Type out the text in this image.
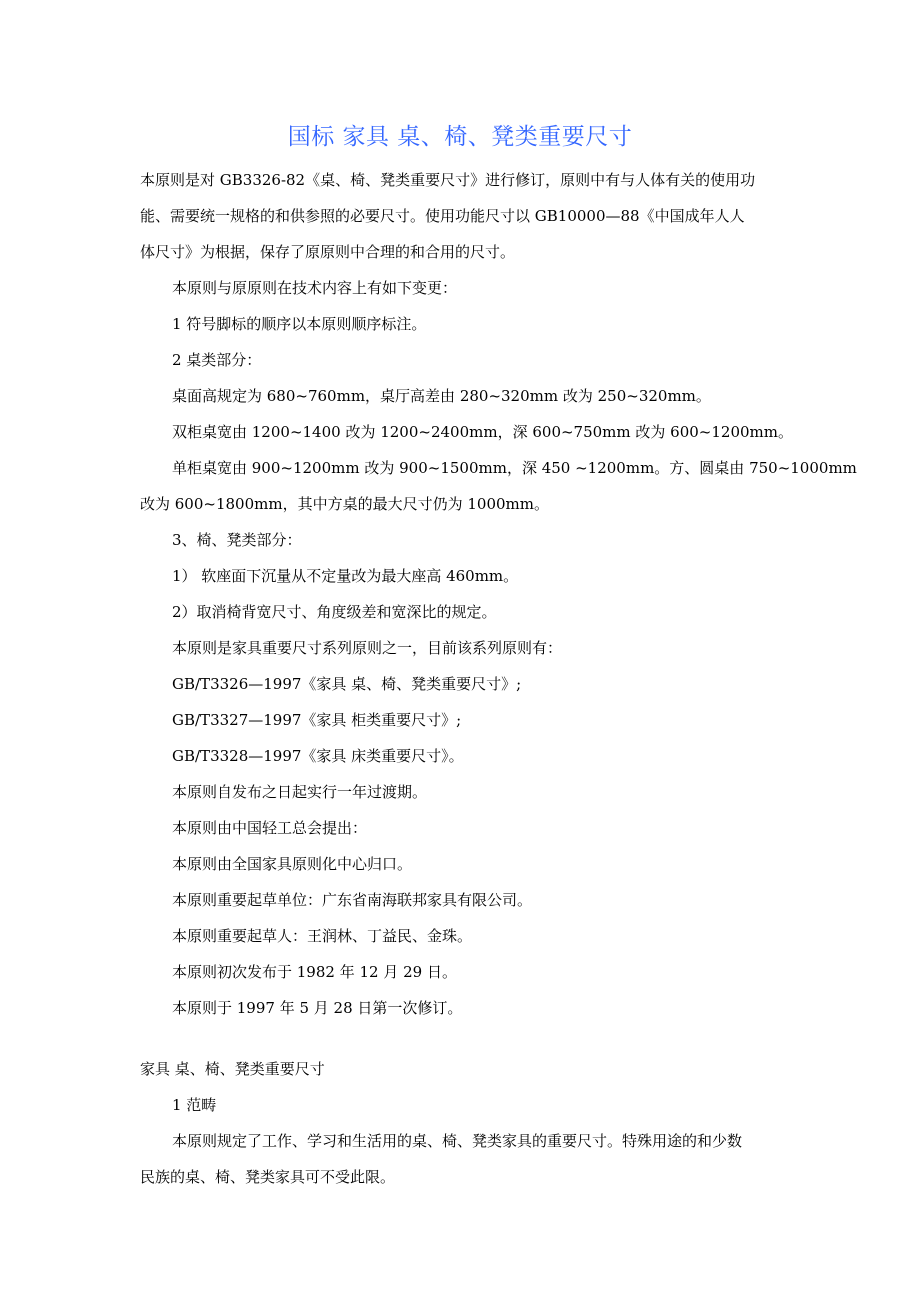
国标 家具 桌、椅、凳类重要尺寸
本原则是对 GB3326-82《桌、椅、凳类重要尺寸》进行修订，原则中有与人体有关的使用功
能、需要统一规格的和供参照的必要尺寸。使用功能尺寸以 GB10000—88《中国成年人人
体尺寸》为根据，保存了原原则中合理的和合用的尺寸。
本原则与原原则在技术内容上有如下变更：
1 符号脚标的顺序以本原则顺序标注。
2 桌类部分：
桌面高规定为 680~760mm，桌厅高差由 280~320mm 改为 250~320mm。
双柜桌宽由 1200~1400 改为 1200~2400mm，深 600~750mm 改为 600~1200mm。
单柜桌宽由 900~1200mm 改为 900~1500mm，深 450 ~1200mm。方、圆桌由 750~1000mm
改为 600~1800mm，其中方桌的最大尺寸仍为 1000mm。
3、椅、凳类部分：
1） 软座面下沉量从不定量改为最大座高 460mm。
2）取消椅背宽尺寸、角度级差和宽深比的规定。
本原则是家具重要尺寸系列原则之一，目前该系列原则有：
GB/T3326—1997《家具 桌、椅、凳类重要尺寸》;
GB/T3327—1997《家具 柜类重要尺寸》;
GB/T3328—1997《家具 床类重要尺寸》。
本原则自发布之日起实行一年过渡期。
本原则由中国轻工总会提出：
本原则由全国家具原则化中心归口。
本原则重要起草单位：广东省南海联邦家具有限公司。
本原则重要起草人：王润林、丁益民、金珠。
本原则初次发布于 1982 年 12 月 29 日。
本原则于 1997 年 5 月 28 日第一次修订。
家具 桌、椅、凳类重要尺寸
1 范畴
本原则规定了工作、学习和生活用的桌、椅、凳类家具的重要尺寸。特殊用途的和少数
民族的桌、椅、凳类家具可不受此限。
